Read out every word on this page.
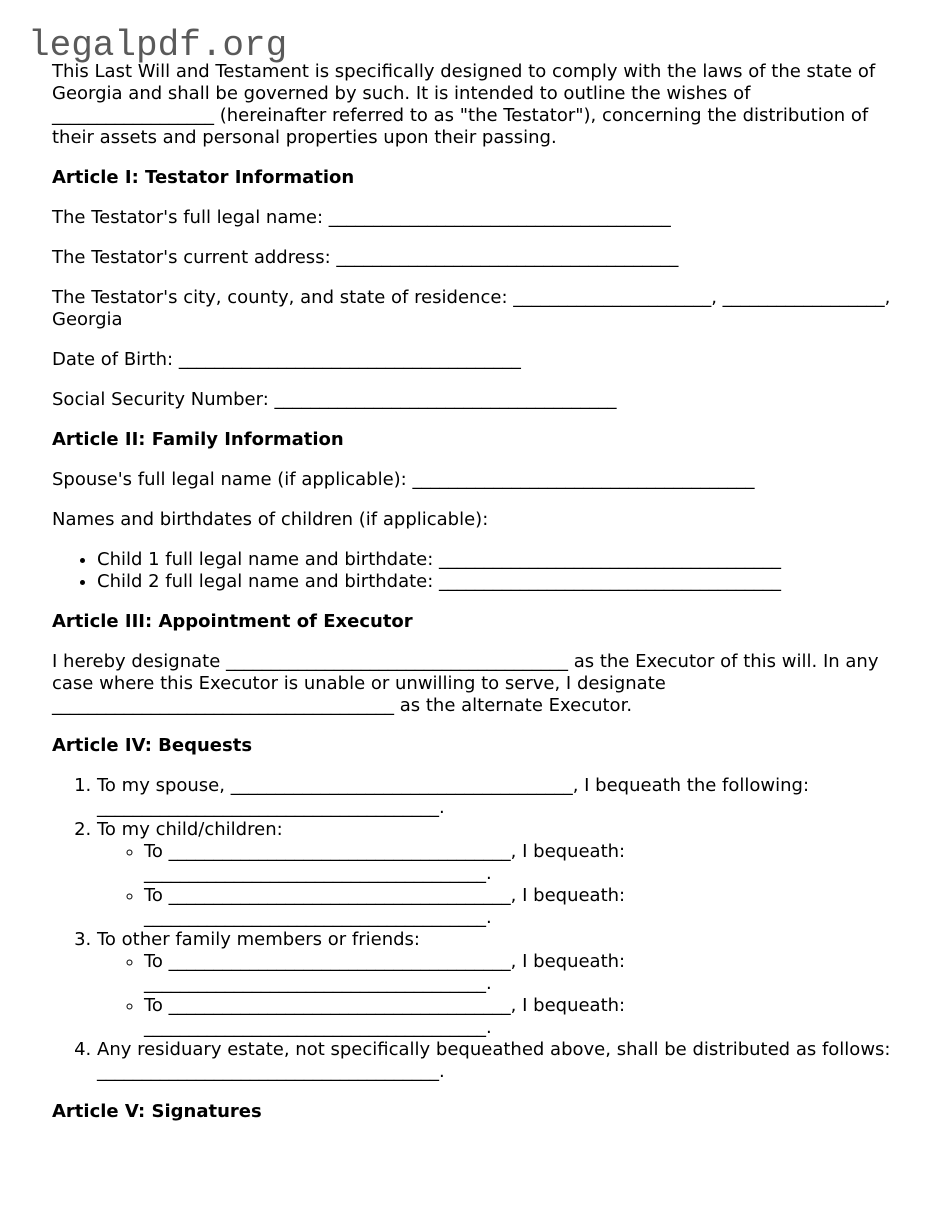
legalpdf.org

This Last Will and Testament is specifically designed to comply with the laws of the state of Georgia and shall be governed by such. It is intended to outline the wishes of __________________ (hereinafter referred to as "the Testator"), concerning the distribution of their assets and personal properties upon their passing.

Article I: Testator Information

The Testator's full legal name: ______________________________________

The Testator's current address: ______________________________________

The Testator's city, county, and state of residence: ______________________, __________________, Georgia

Date of Birth: ______________________________________

Social Security Number: ______________________________________

Article II: Family Information

Spouse's full legal name (if applicable): ______________________________________

Names and birthdates of children (if applicable):

• Child 1 full legal name and birthdate: ______________________________________
• Child 2 full legal name and birthdate: ______________________________________
Article III: Appointment of Executor

I hereby designate ______________________________________ as the Executor of this will. In any case where this Executor is unable or unwilling to serve, I designate ______________________________________ as the alternate Executor.

Article IV: Bequests
1. To my spouse, ______________________________________, I bequeath the following: ______________________________________.
2. To my child/children:
◦ To ______________________________________, I bequeath: ______________________________________.
◦ To ______________________________________, I bequeath: ______________________________________.
3. To other family members or friends:
◦ To ______________________________________, I bequeath: ______________________________________.
◦ To ______________________________________, I bequeath: ______________________________________.
4. Any residuary estate, not specifically bequeathed above, shall be distributed as follows: ______________________________________.
Article V: Signatures
